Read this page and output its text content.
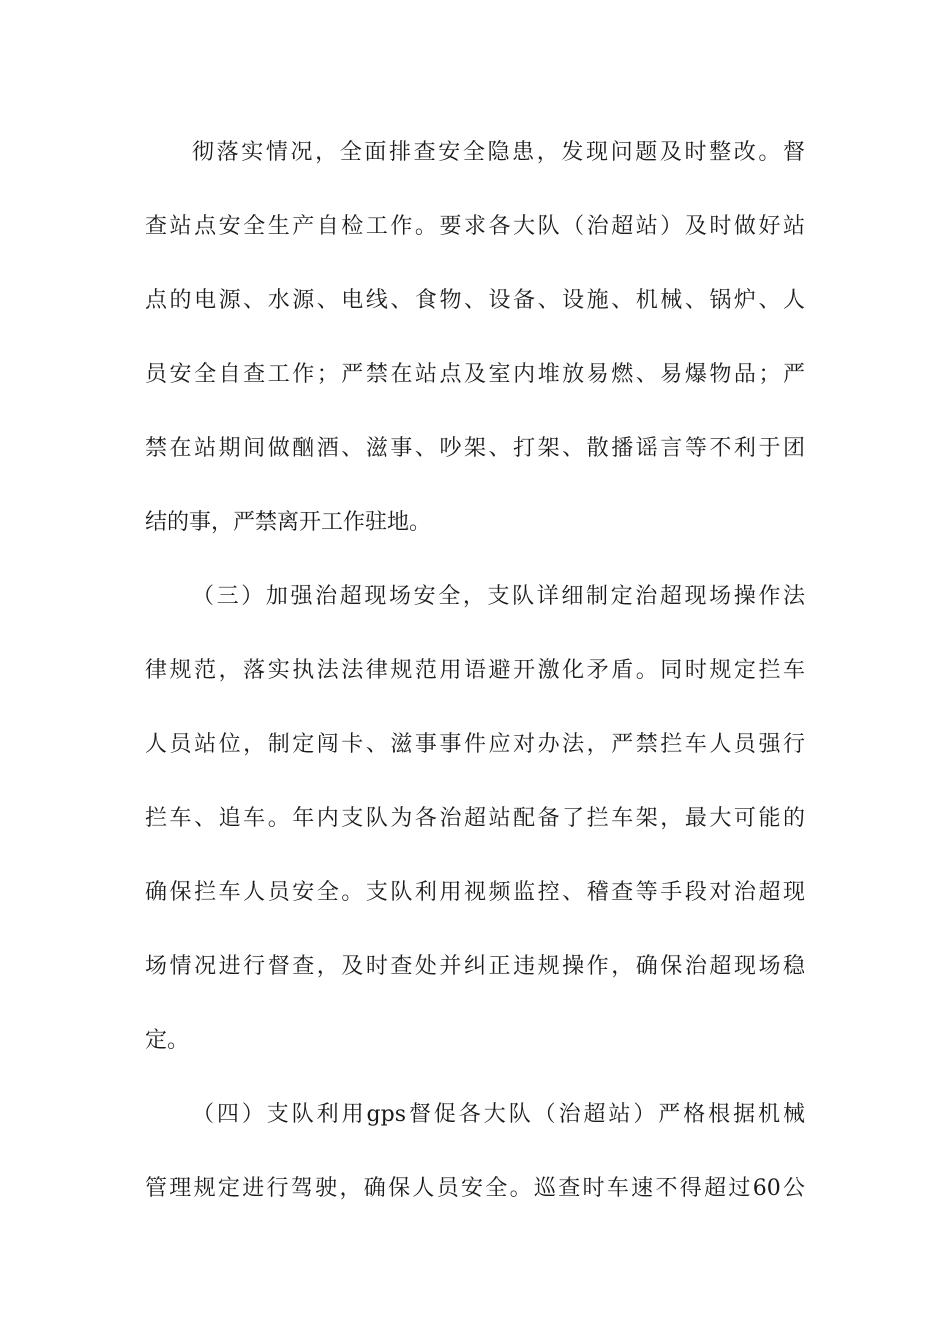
彻落实情况，全面排查安全隐患，发现问题及时整改。督
查站点安全生产自检工作。要求各大队（治超站）及时做好站
点的电源、水源、电线、食物、设备、设施、机械、锅炉、人
员安全自查工作；严禁在站点及室内堆放易燃、易爆物品；严
禁在站期间做酗酒、滋事、吵架、打架、散播谣言等不利于团
结的事，严禁离开工作驻地。
（三）加强治超现场安全，支队详细制定治超现场操作法
律规范，落实执法法律规范用语避开激化矛盾。同时规定拦车
人员站位，制定闯卡、滋事事件应对办法，严禁拦车人员强行
拦车、追车。年内支队为各治超站配备了拦车架，最大可能的
确保拦车人员安全。支队利用视频监控、稽查等手段对治超现
场情况进行督查，及时查处并纠正违规操作，确保治超现场稳
定。
（四）支队利用gps督促各大队（治超站）严格根据机械
管理规定进行驾驶，确保人员安全。巡查时车速不得超过60公
